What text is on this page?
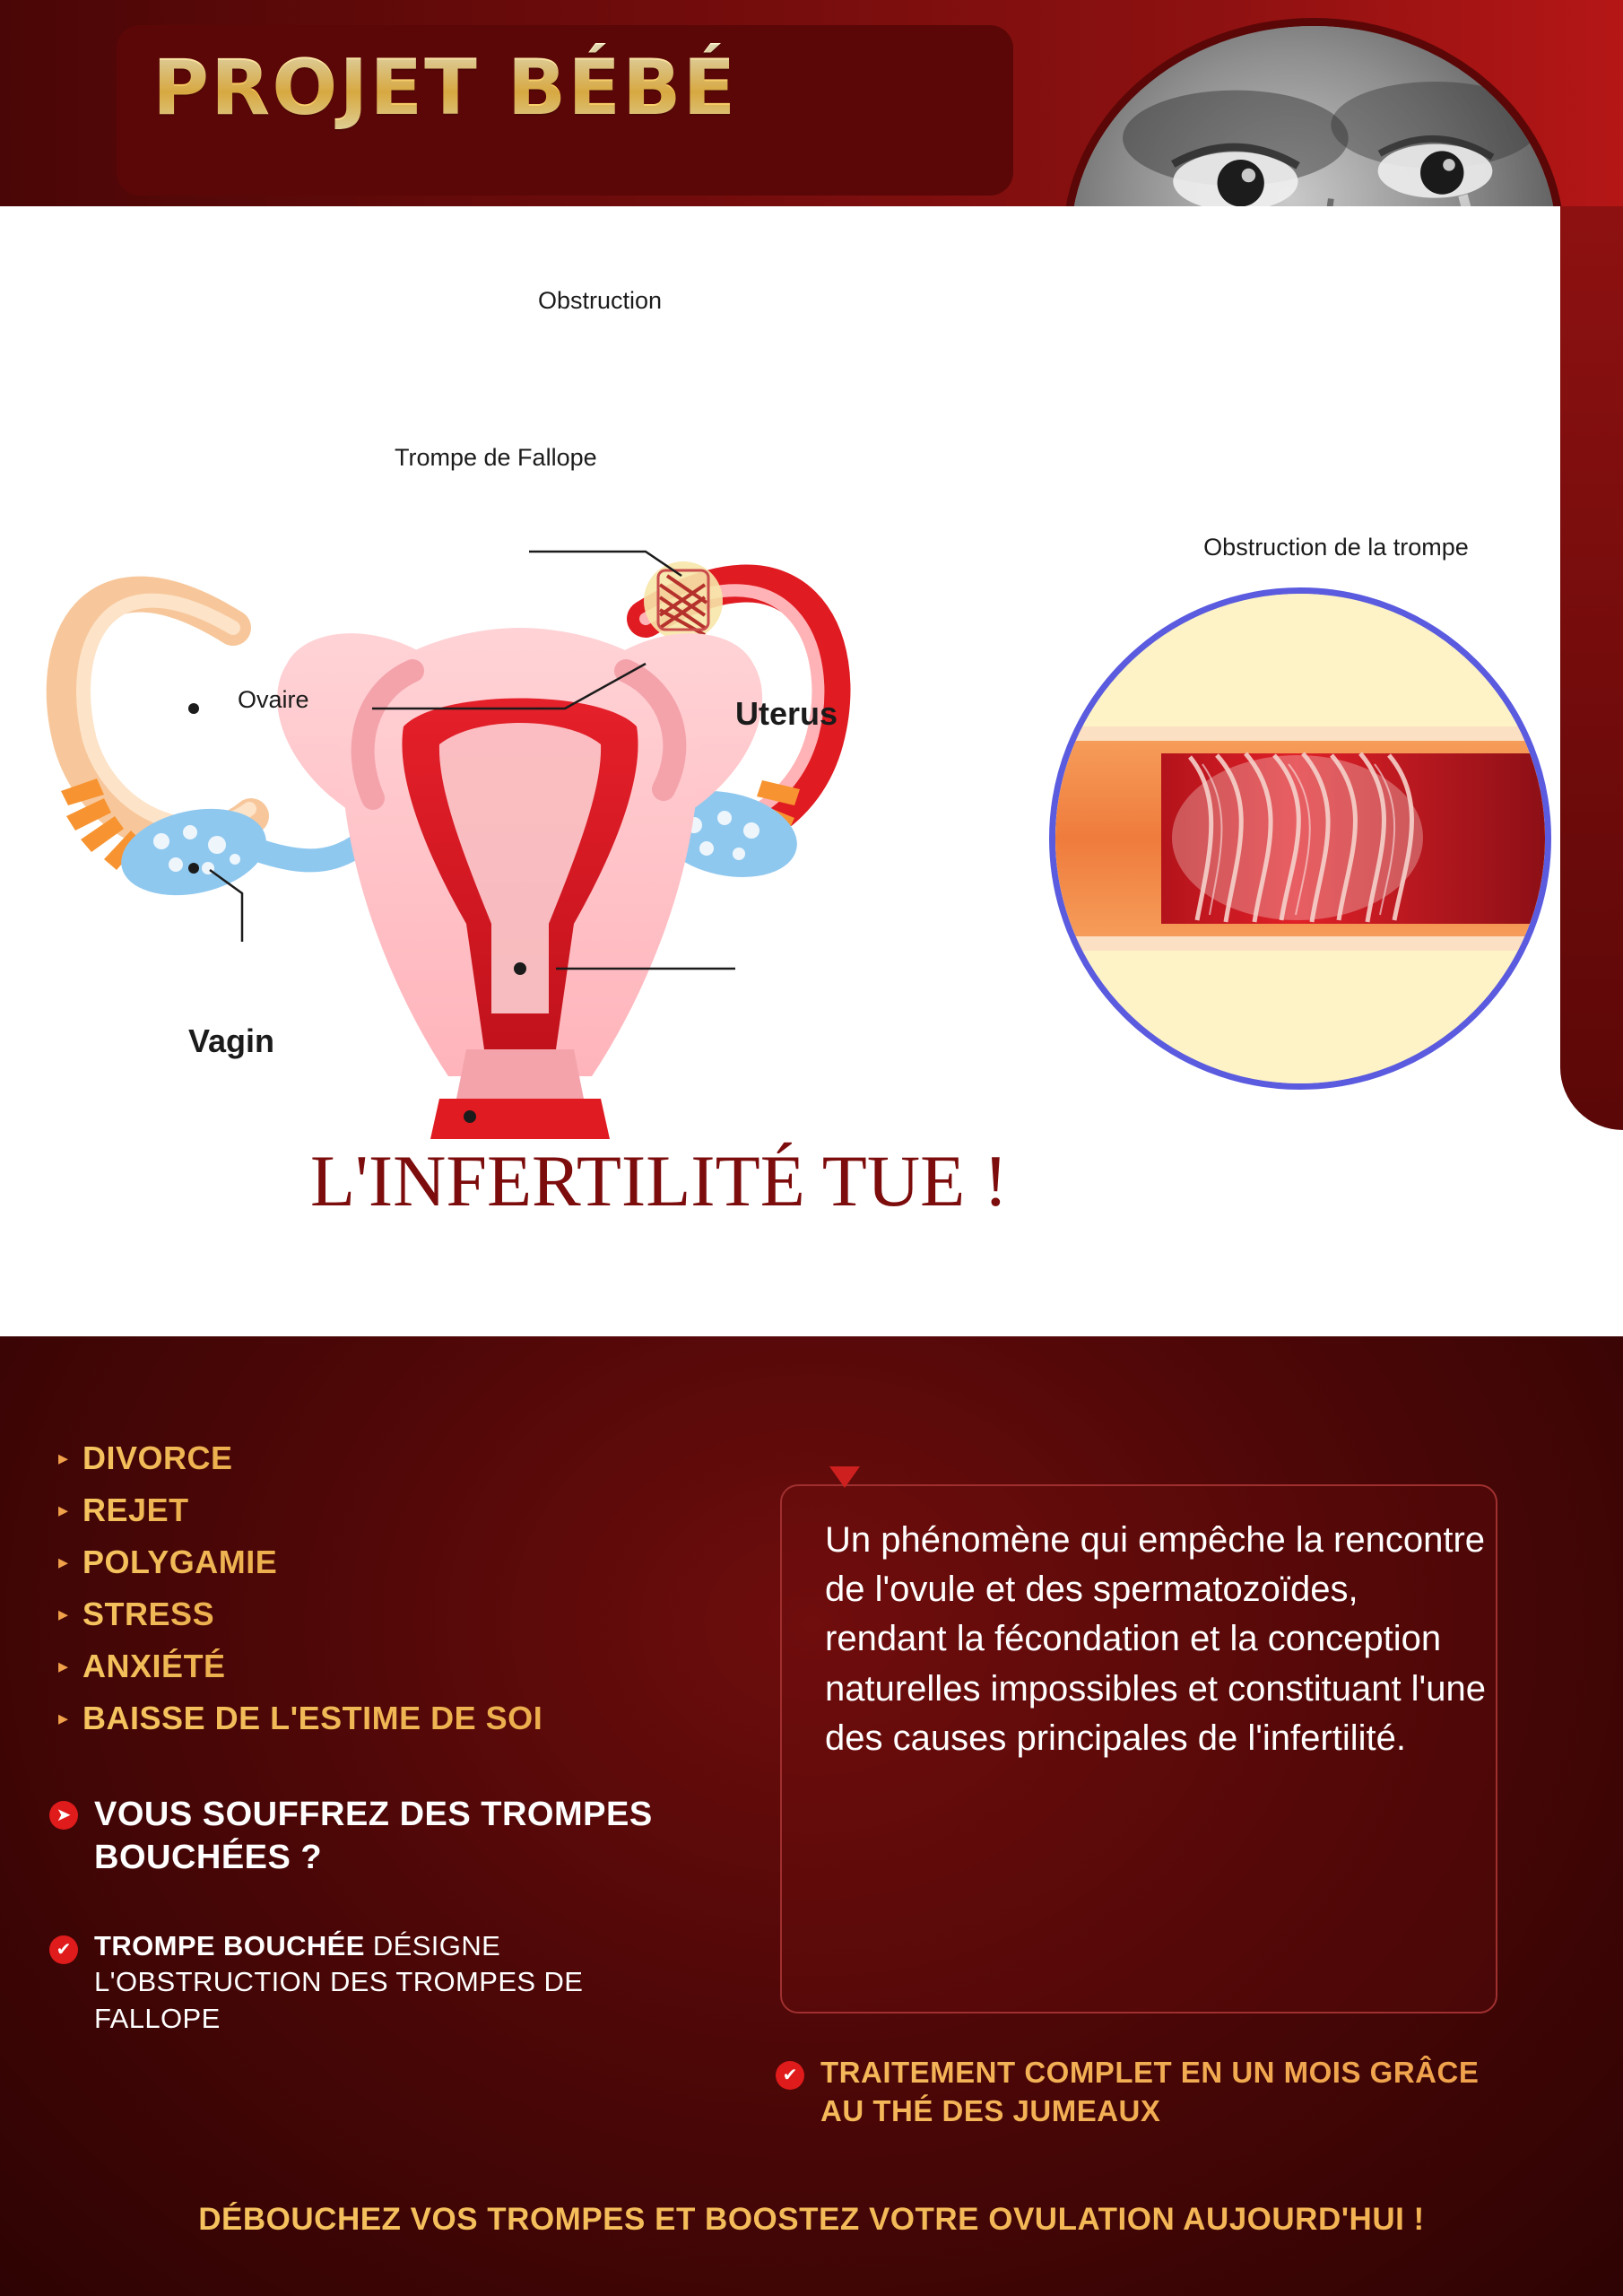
PROJET BÉBÉ
Obstruction
Trompe de Fallope
Ovaire	Uterus
Vagin
Obstruction de la trompe
L'INFERTILITÉ TUE !
▸ DIVORCE
▸ REJET
▸ POLYGAMIE
▸ STRESS
▸ ANXIÉTÉ
▸ BAISSE DE L'ESTIME DE SOI
➤ VOUS SOUFFREZ DES TROMPES BOUCHÉES ?
✔ TROMPE BOUCHÉE DÉSIGNE L'OBSTRUCTION DES TROMPES DE FALLOPE
Un phénomène qui empêche la rencontre de l'ovule et des spermatozoïdes, rendant la fécondation et la conception naturelles impossibles et constituant l'une des causes principales de l'infertilité.
✔ TRAITEMENT COMPLET EN UN MOIS GRÂCE AU THÉ DES JUMEAUX
DÉBOUCHEZ VOS TROMPES ET BOOSTEZ VOTRE OVULATION AUJOURD'HUI !
